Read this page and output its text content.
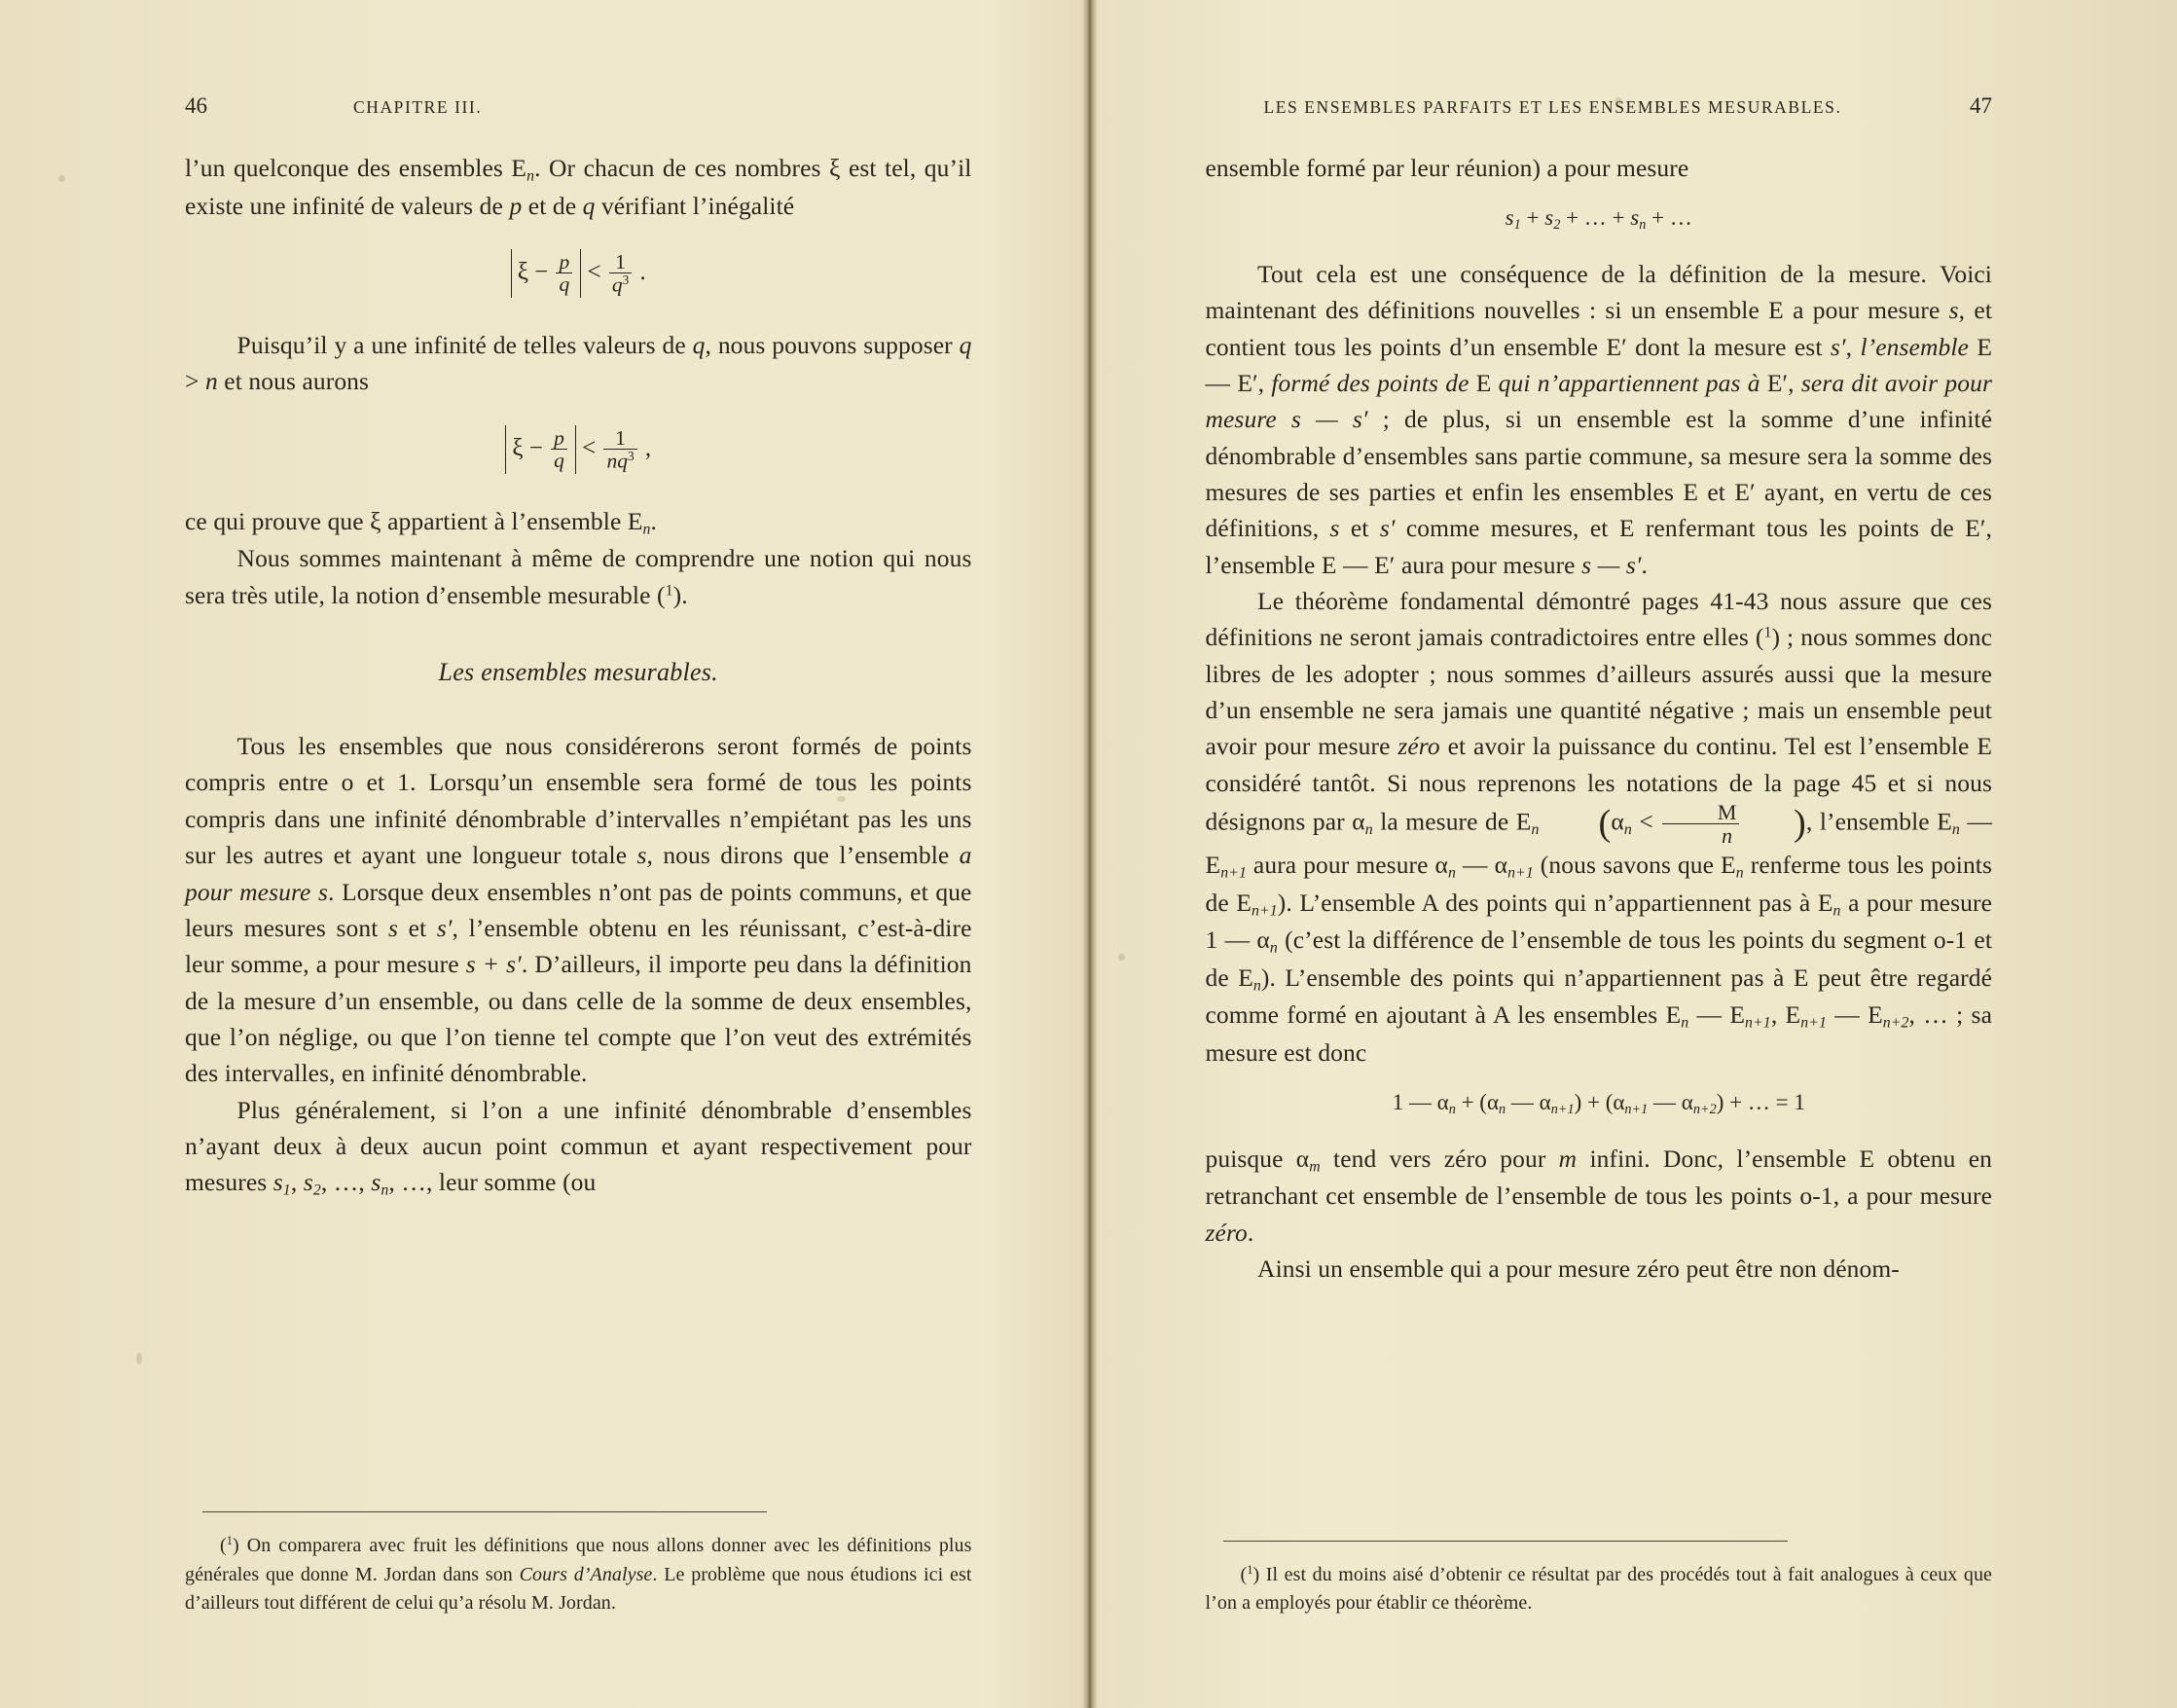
46	CHAPITRE III.

l’un quelconque des ensembles $E_n$. Or chacun de ces nombres ξ est tel, qu’il existe une infinité de valeurs de p et de q vérifiant l’inégalité

$\xi - \frac{p}{q} < \frac{1}{q^3}$ .

Puisqu’il y a une infinité de telles valeurs de q, nous pouvons supposer q > n et nous aurons

$\xi - \frac{p}{q} < \frac{1}{nq^3}$ ,

ce qui prouve que ξ appartient à l’ensemble $E_n$.

Nous sommes maintenant à même de comprendre une notion qui nous sera très utile, la notion d’ensemble mesurable ($^1$).

Les ensembles mesurables.

Tous les ensembles que nous considérerons seront formés de points compris entre o et 1. Lorsqu’un ensemble sera formé de tous les points compris dans une infinité dénombrable d’intervalles n’empiétant pas les uns sur les autres et ayant une longueur totale s, nous dirons que l’ensemble a pour mesure s. Lorsque deux ensembles n’ont pas de points communs, et que leurs mesures sont s et s′, l’ensemble obtenu en les réunissant, c’est-à-dire leur somme, a pour mesure s + s′. D’ailleurs, il importe peu dans la définition de la mesure d’un ensemble, ou dans celle de la somme de deux ensembles, que l’on néglige, ou que l’on tienne tel compte que l’on veut des extrémités des intervalles, en infinité dénombrable.

Plus généralement, si l’on a une infinité dénombrable d’ensembles n’ayant deux à deux aucun point commun et ayant respectivement pour mesures $s_1$, $s_2$, …, $s_n$, …, leur somme (ou

($^1$) On comparera avec fruit les définitions que nous allons donner avec les définitions plus générales que donne M. Jordan dans son Cours d’Analyse. Le problème que nous étudions ici est d’ailleurs tout différent de celui qu’a résolu M. Jordan.

LES ENSEMBLES PARFAITS ET LES ENSEMBLES MESURABLES.	47

ensemble formé par leur réunion) a pour mesure

$s_1 + s_2$ + … + $s_n$ + …

Tout cela est une conséquence de la définition de la mesure. Voici maintenant des définitions nouvelles : si un ensemble E a pour mesure s, et contient tous les points d’un ensemble E′ dont la mesure est s′, l’ensemble E — E′, formé des points de E qui n’appartiennent pas à E′, sera dit avoir pour mesure s — s′ ; de plus, si un ensemble est la somme d’une infinité dénombrable d’ensembles sans partie commune, sa mesure sera la somme des mesures de ses parties et enfin les ensembles E et E′ ayant, en vertu de ces définitions, s et s′ comme mesures, et E renfermant tous les points de E′, l’ensemble E — E′ aura pour mesure s — s′.

Le théorème fondamental démontré pages 41-43 nous assure que ces définitions ne seront jamais contradictoires entre elles ($^1$) ; nous sommes donc libres de les adopter ; nous sommes d’ailleurs assurés aussi que la mesure d’un ensemble ne sera jamais une quantité négative ; mais un ensemble peut avoir pour mesure zéro et avoir la puissance du continu. Tel est l’ensemble E considéré tantôt. Si nous reprenons les notations de la page 45 et si nous désignons par $\alpha_n$ la mesure de $E_n$ ($\alpha_n < \frac{M}{n}$ ), l’ensemble $E_n$ — $E_{n+1}$ aura pour mesure $\alpha_n$ — $\alpha_{n+1}$ (nous savons que $E_n$ renferme tous les points de $E_{n+1}$). L’ensemble A des points qui n’appartiennent pas à $E_n$ a pour mesure 1 — $\alpha_n$ (c’est la différence de l’ensemble de tous les points du segment o-1 et de $E_n$). L’ensemble des points qui n’appartiennent pas à E peut être regardé comme formé en ajoutant à A les ensembles $E_n$ — $E_{n+1}$, $E_{n+1}$ — $E_{n+2}$, … ; sa mesure est donc

1 — $\alpha_n + (\alpha_n$ — $\alpha_{n+1}) + (\alpha_{n+1}$ — $\alpha_{n+2}$) + … = 1

puisque $\alpha_m$ tend vers zéro pour m infini. Donc, l’ensemble E obtenu en retranchant cet ensemble de l’ensemble de tous les points o-1, a pour mesure zéro.

Ainsi un ensemble qui a pour mesure zéro peut être non dénom-

($^1$) Il est du moins aisé d’obtenir ce résultat par des procédés tout à fait analogues à ceux que l’on a employés pour établir ce théorème.
